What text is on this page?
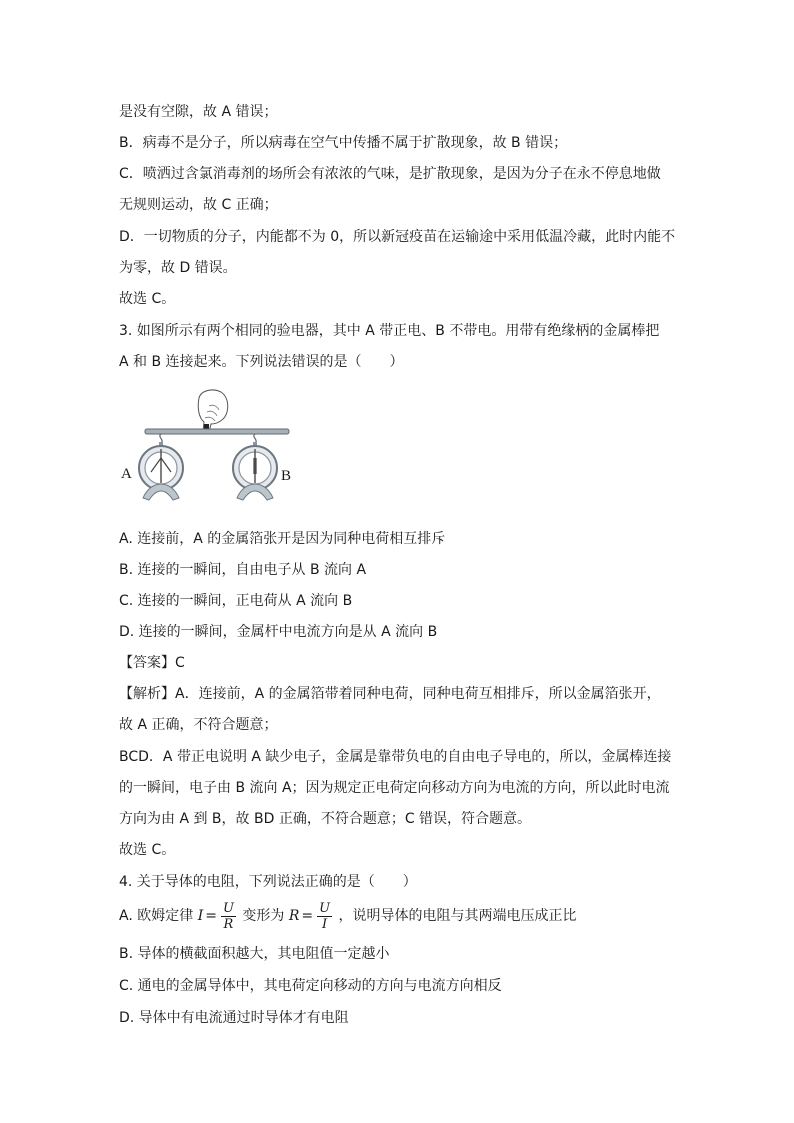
是没有空隙，故 A 错误；
B．病毒不是分子，所以病毒在空气中传播不属于扩散现象，故 B 错误；
C．喷洒过含氯消毒剂的场所会有浓浓的气味，是扩散现象，是因为分子在永不停息地做
无规则运动，故 C 正确；
D．一切物质的分子，内能都不为 0，所以新冠疫苗在运输途中采用低温冷藏，此时内能不
为零，故 D 错误。
故选 C。
3. 如图所示有两个相同的验电器，其中 A 带正电、B 不带电。用带有绝缘柄的金属棒把
A 和 B 连接起来。下列说法错误的是（　　）
A	B
A. 连接前，A 的金属箔张开是因为同种电荷相互排斥
B. 连接的一瞬间，自由电子从 B 流向 A
C. 连接的一瞬间，正电荷从 A 流向 B
D. 连接的一瞬间，金属杆中电流方向是从 A 流向 B
【答案】C
【解析】A．连接前，A 的金属箔带着同种电荷，同种电荷互相排斥，所以金属箔张开，
故 A 正确，不符合题意；
BCD．A 带正电说明 A 缺少电子，金属是靠带负电的自由电子导电的，所以，金属棒连接
的一瞬间，电子由 B 流向 A；因为规定正电荷定向移动方向为电流的方向，所以此时电流
方向为由 A 到 B，故 BD 正确，不符合题意；C 错误，符合题意。
故选 C。
4. 关于导体的电阻，下列说法正确的是（　　）
A. 欧姆定律 $I = \frac{U}{R}$ 变形为 $R = \frac{U}{I}$ ，说明导体的电阻与其两端电压成正比
B. 导体的横截面积越大，其电阻值一定越小
C. 通电的金属导体中，其电荷定向移动的方向与电流方向相反
D. 导体中有电流通过时导体才有电阻
